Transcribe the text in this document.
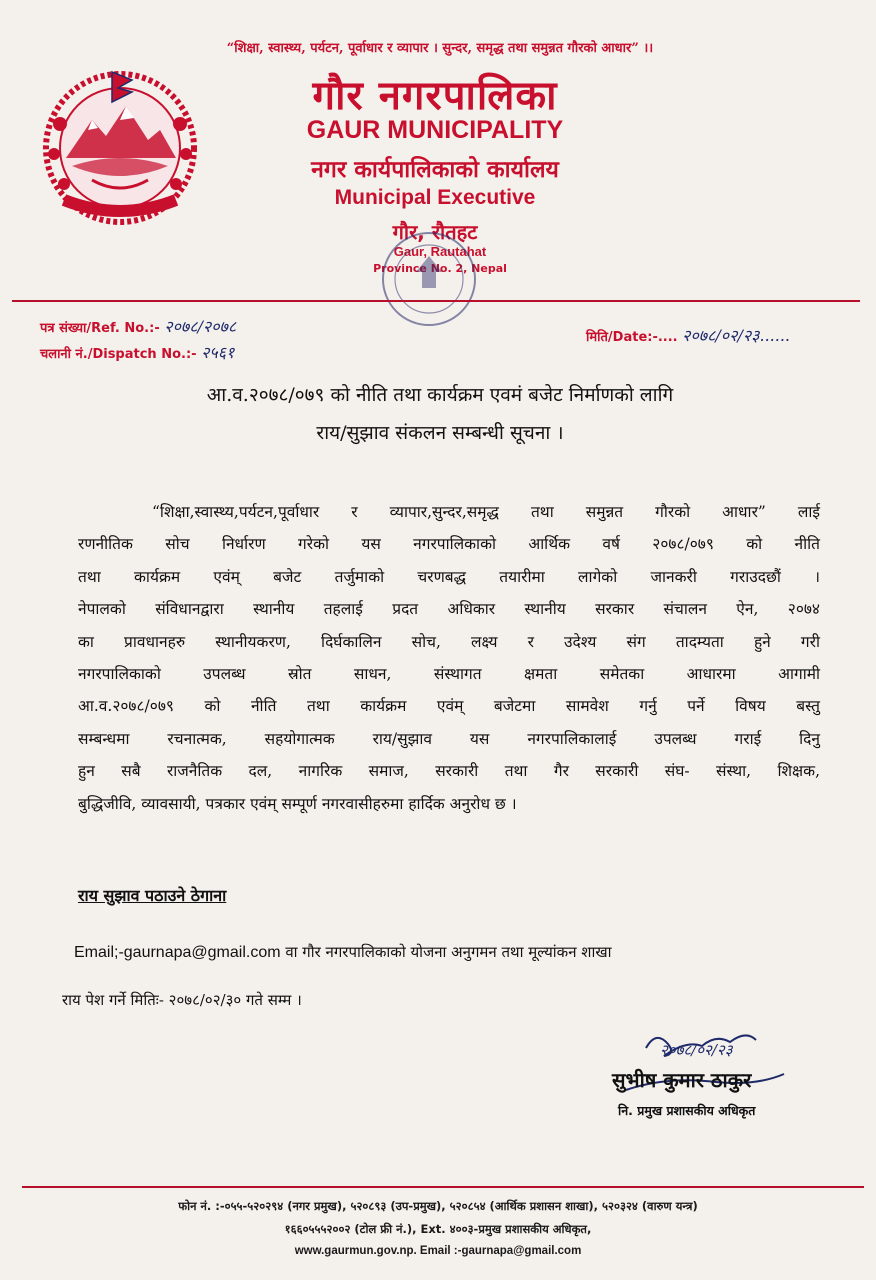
“शिक्षा, स्वास्थ्य, पर्यटन, पूर्वाधार र व्यापार । सुन्दर, समृद्ध तथा समुन्नत गौरको आधार” ।।
गौर नगरपालिका
GAUR MUNICIPALITY
नगर कार्यपालिकाको कार्यालय
Municipal Executive
गौर, रौतहट
Gaur, Rautahat
Province No. 2, Nepal
पत्र संख्या/Ref. No.:- २०७८/२०७८
चलानी नं./Dispatch No.:- २५६१
मिति/Date:-.... २०७८/०२/२३......
आ.व.२०७८/०७९ को नीति तथा कार्यक्रम एवमं बजेट निर्माणको लागि
राय/सुझाव संकलन सम्बन्धी सूचना ।
“शिक्षा,स्वास्थ्य,पर्यटन,पूर्वाधार र व्यापार,सुन्दर,समृद्ध तथा समुन्नत गौरको आधार” लाई
रणनीतिक सोच निर्धारण गरेको यस नगरपालिकाको आर्थिक वर्ष २०७८/०७९ को नीति
तथा कार्यक्रम एवंम् बजेट तर्जुमाको चरणबद्ध तयारीमा लागेको जानकरी गराउदछौं ।
नेपालको संविधानद्वारा स्थानीय तहलाई प्रदत अधिकार स्थानीय सरकार संचालन ऐन, २०७४
का प्रावधानहरु स्थानीयकरण, दिर्घकालिन सोच, लक्ष्य र उदेश्य संग तादम्यता हुने गरी
नगरपालिकाको उपलब्ध स्रोत साधन, संस्थागत क्षमता समेतका आधारमा आगामी
आ.व.२०७८/०७९ को नीति तथा कार्यक्रम एवंम् बजेटमा सामवेश गर्नु पर्ने विषय बस्तु
सम्बन्धमा रचनात्मक, सहयोगात्मक राय/सुझाव यस नगरपालिकालाई उपलब्ध गराई दिनु
हुन सबै राजनैतिक दल, नागरिक समाज, सरकारी तथा गैर सरकारी संघ- संस्था, शिक्षक,
बुद्धिजीवि, व्यावसायी, पत्रकार एवंम् सम्पूर्ण नगरवासीहरुमा हार्दिक अनुरोध छ ।
राय सुझाव पठाउने ठेगाना
Email;-gaurnapa@gmail.com वा गौर नगरपालिकाको योजना अनुगमन तथा मूल्यांकन शाखा
राय पेश गर्ने मितिः- २०७८/०२/३० गते सम्म ।
२०७८/०२/२३
सुभीष कुमार ठाकुर
नि. प्रमुख प्रशासकीय अधिकृत
फोन नं. :-०५५-५२०२९४ (नगर प्रमुख), ५२०८९३ (उप-प्रमुख), ५२०८५४ (आर्थिक प्रशासन शाखा), ५२०३२४ (वारुण यन्त्र)
१६६०५५५२००२ (टोल फ्री नं.), Ext. ४००३-प्रमुख प्रशासकीय अधिकृत,
www.gaurmun.gov.np. Email :-gaurnapa@gmail.com
